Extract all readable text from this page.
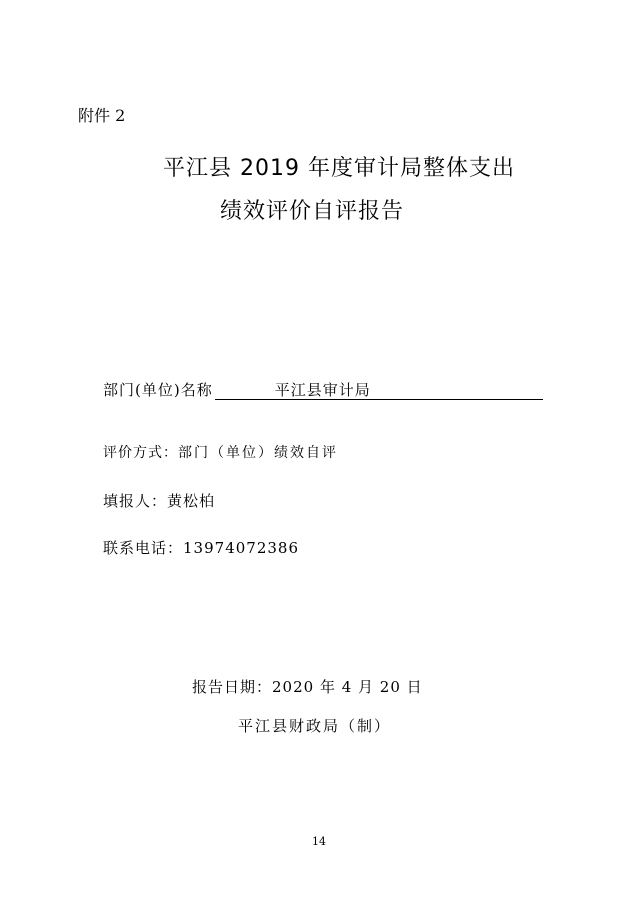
附件 2
平江县 2019 年度审计局整体支出
绩效评价自评报告
部门(单位)名称	平江县审计局
评价方式：部门（单位）绩效自评
填报人：黄松柏
联系电话：13974072386
报告日期：2020 年 4 月 20 日
平江县财政局（制）
14
